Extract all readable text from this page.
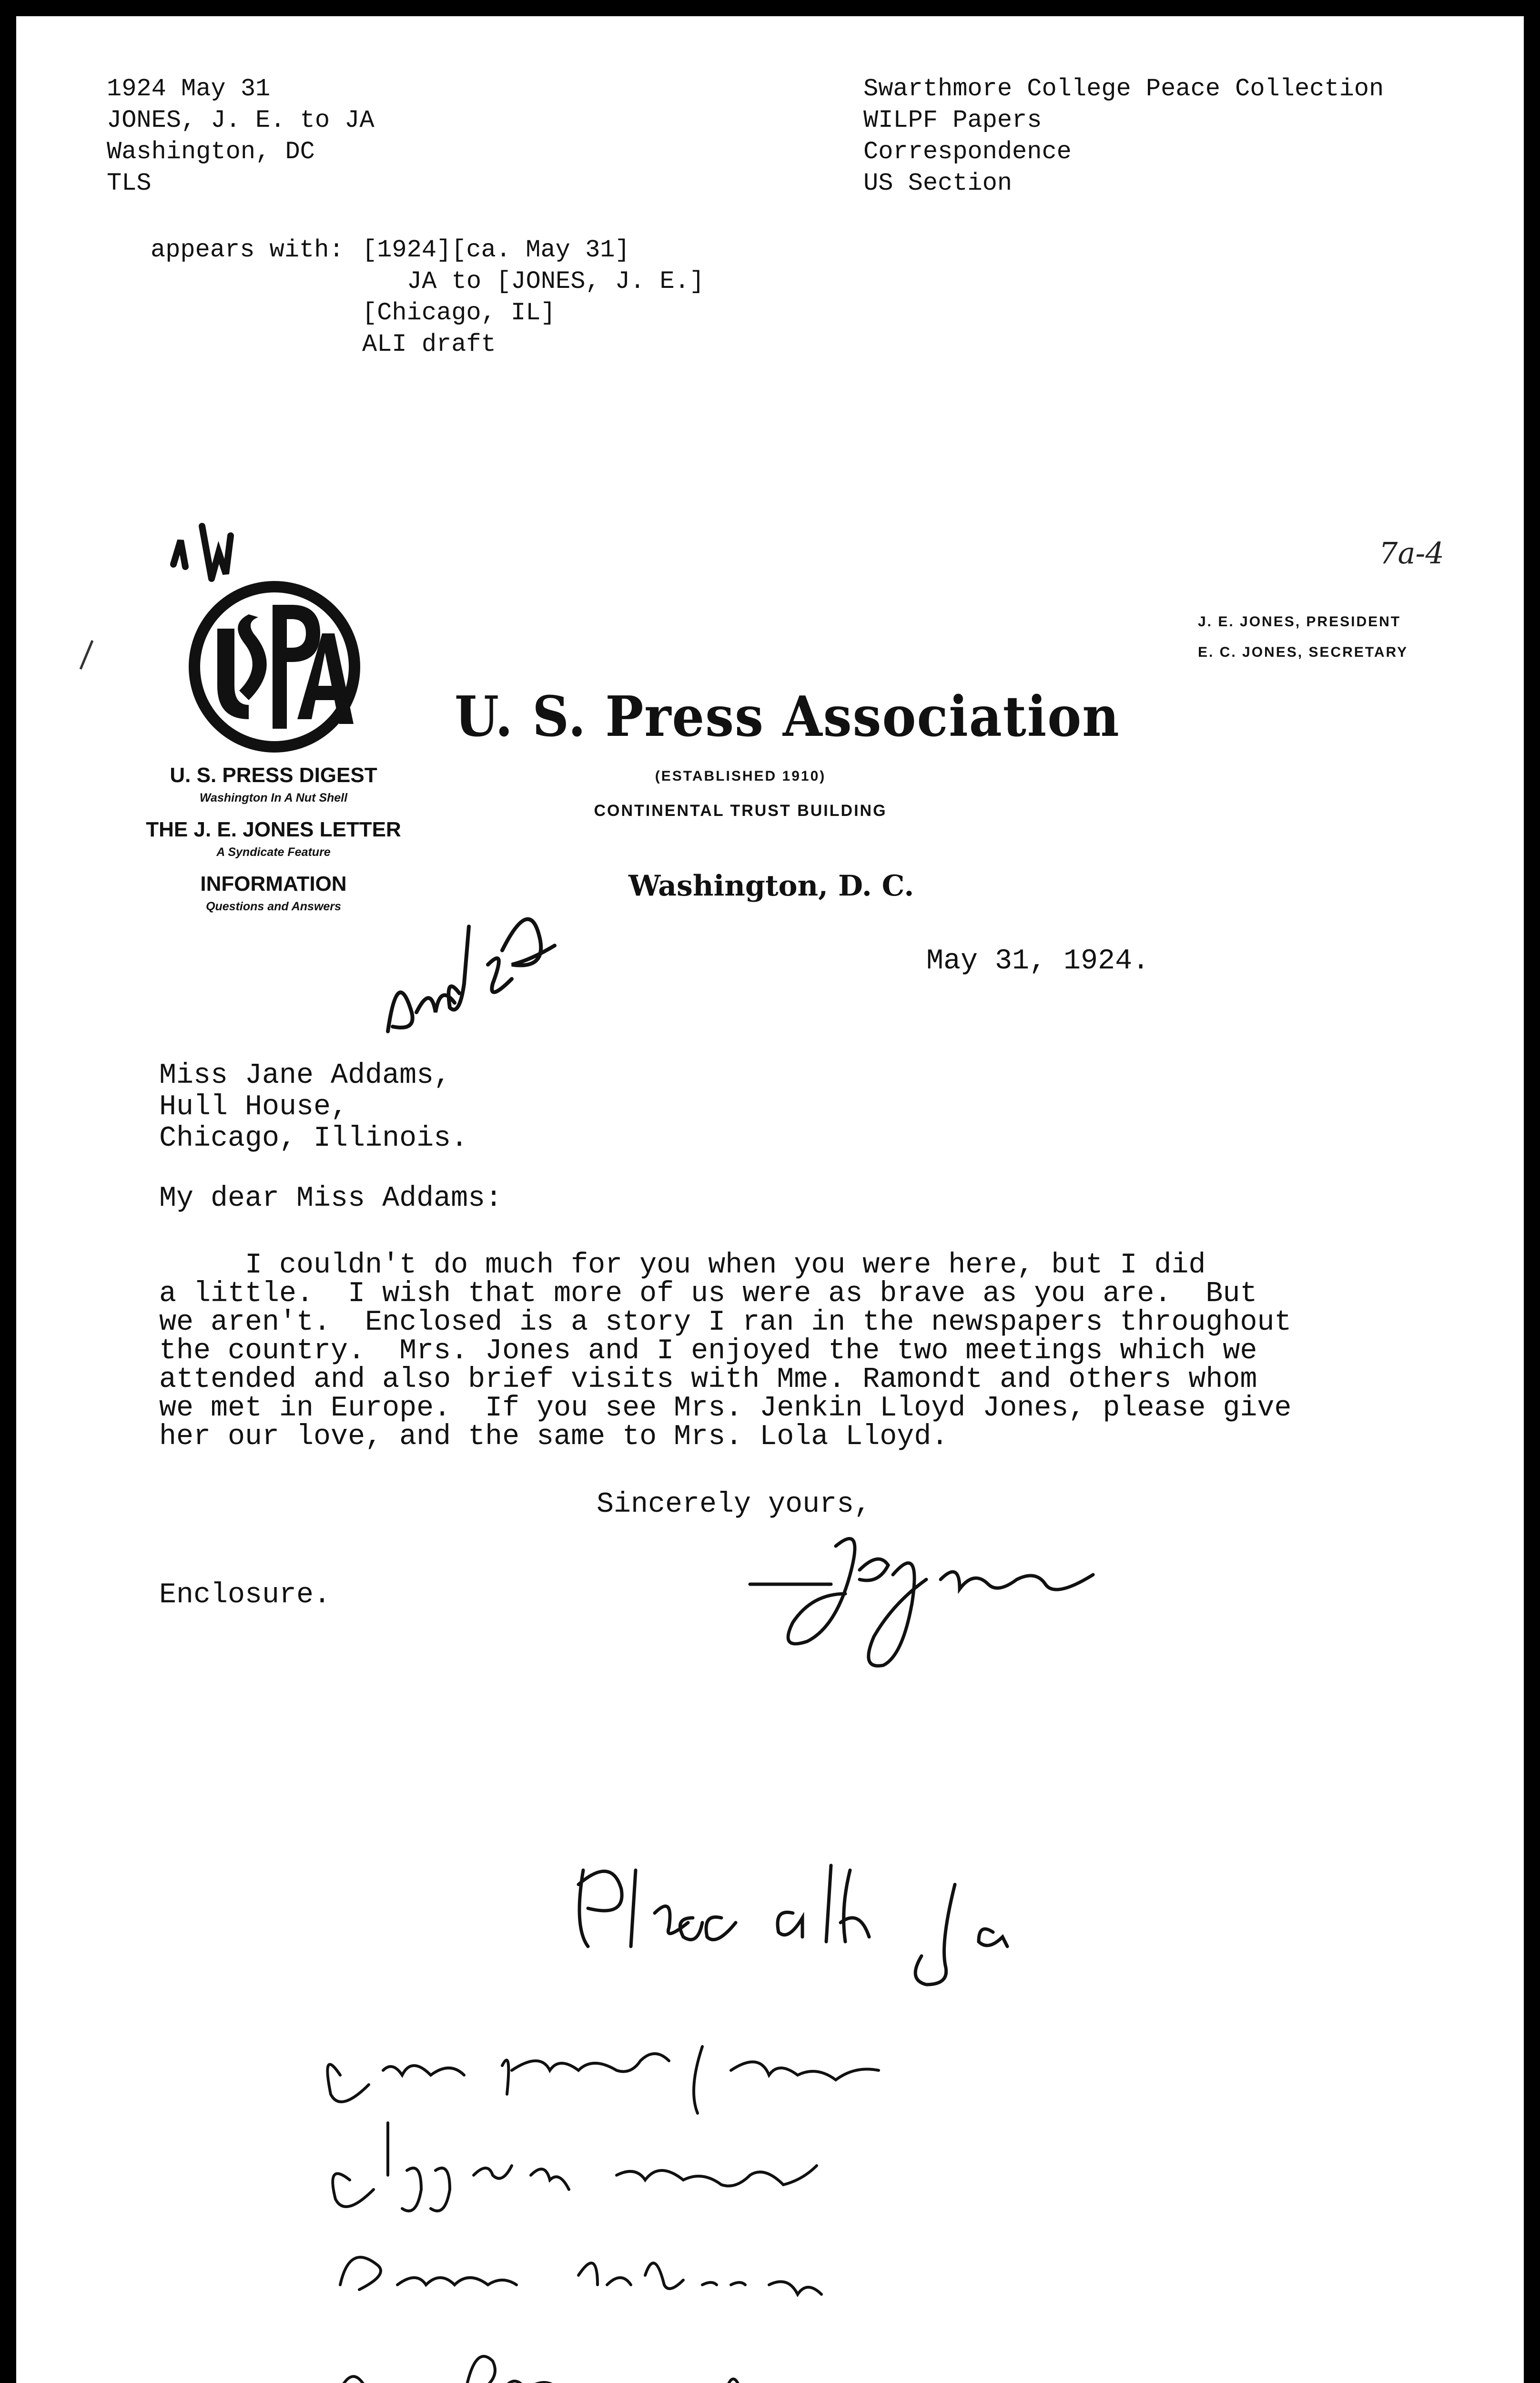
1924 May 31
JONES, J. E. to JA
Washington, DC
TLS
Swarthmore College Peace Collection
WILPF Papers
Correspondence
US Section
appears with: [1924][ca. May 31]
JA to [JONES, J. E.]
[Chicago, IL]
ALI draft
7a-4
U. S. PRESS DIGEST
Washington In A Nut Shell
THE J. E. JONES LETTER
A Syndicate Feature
INFORMATION
Questions and Answers
U. S. Press Association
(ESTABLISHED 1910)
CONTINENTAL TRUST BUILDING
Washington, D. C.
J. E. JONES, PRESIDENT
E. C. JONES, SECRETARY
May 31, 1924.
Miss Jane Addams,
Hull House,
Chicago, Illinois.
My dear Miss Addams:
I couldn't do much for you when you were here, but I did
a little.  I wish that more of us were as brave as you are.  But
we aren't.  Enclosed is a story I ran in the newspapers throughout
the country.  Mrs. Jones and I enjoyed the two meetings which we
attended and also brief visits with Mme. Ramondt and others whom
we met in Europe.  If you see Mrs. Jenkin Lloyd Jones, please give
her our love, and the same to Mrs. Lola Lloyd.
Sincerely yours,
Enclosure.
